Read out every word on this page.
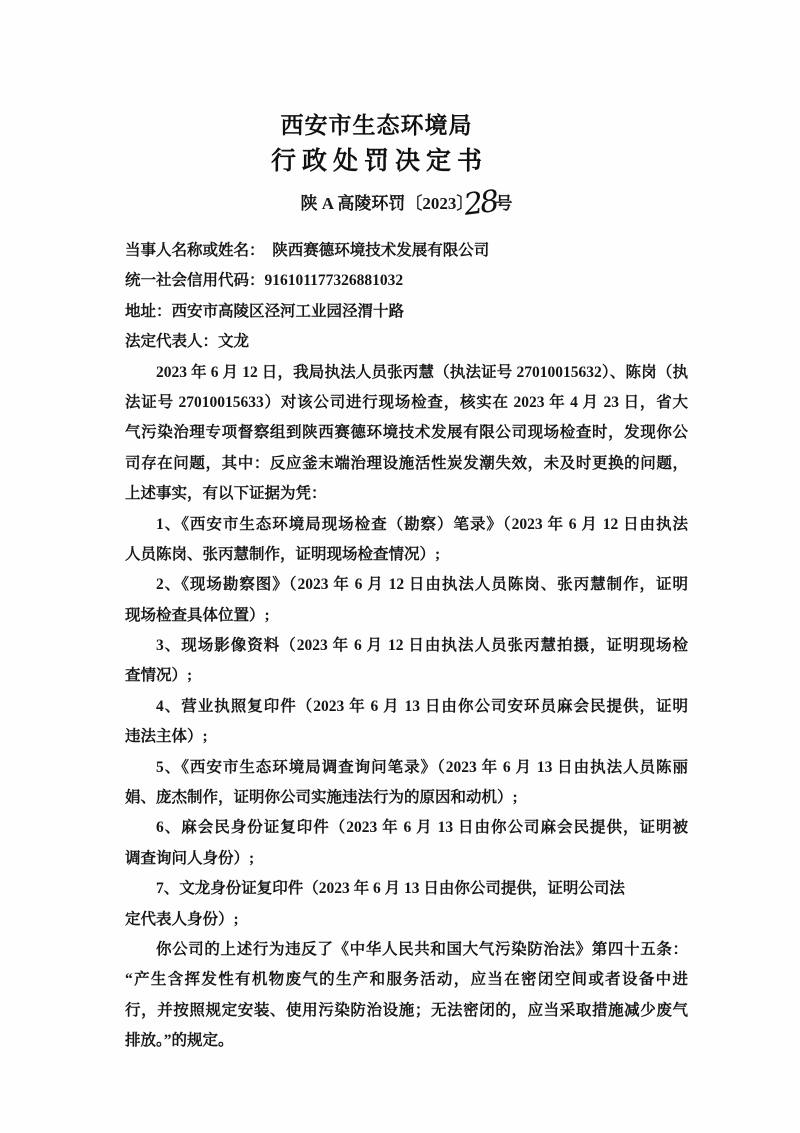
西安市生态环境局
行政处罚决定书
陕 A 高陵环罚〔2023〕28号
当事人名称或姓名：　陕西赛德环境技术发展有限公司
统一社会信用代码：916101177326881032
地址：西安市高陵区泾河工业园泾渭十路
法定代表人：文龙
2023 年 6 月 12 日，我局执法人员张丙慧（执法证号 27010015632）、陈岗（执
法证号 27010015633）对该公司进行现场检查，核实在 2023 年 4 月 23 日，省大
气污染治理专项督察组到陕西赛德环境技术发展有限公司现场检查时，发现你公
司存在问题，其中：反应釜末端治理设施活性炭发潮失效，未及时更换的问题，
上述事实，有以下证据为凭：
1、《西安市生态环境局现场检查（勘察）笔录》（2023 年 6 月 12 日由执法
人员陈岗、张丙慧制作，证明现场检查情况）;
2、《现场勘察图》（2023 年 6 月 12 日由执法人员陈岗、张丙慧制作，证明
现场检查具体位置）;
3、现场影像资料（2023 年 6 月 12 日由执法人员张丙慧拍摄，证明现场检
查情况）;
4、营业执照复印件（2023 年 6 月 13 日由你公司安环员麻会民提供，证明
违法主体）;
5、《西安市生态环境局调查询问笔录》（2023 年 6 月 13 日由执法人员陈丽
娟、庞杰制作，证明你公司实施违法行为的原因和动机）;
6、麻会民身份证复印件（2023 年 6 月 13 日由你公司麻会民提供，证明被
调查询问人身份）;
7、文龙身份证复印件（2023 年 6 月 13 日由你公司提供，证明公司法
定代表人身份）;
你公司的上述行为违反了《中华人民共和国大气污染防治法》第四十五条：
“产生含挥发性有机物废气的生产和服务活动，应当在密闭空间或者设备中进
行，并按照规定安装、使用污染防治设施；无法密闭的，应当采取措施减少废气
排放。”的规定。
